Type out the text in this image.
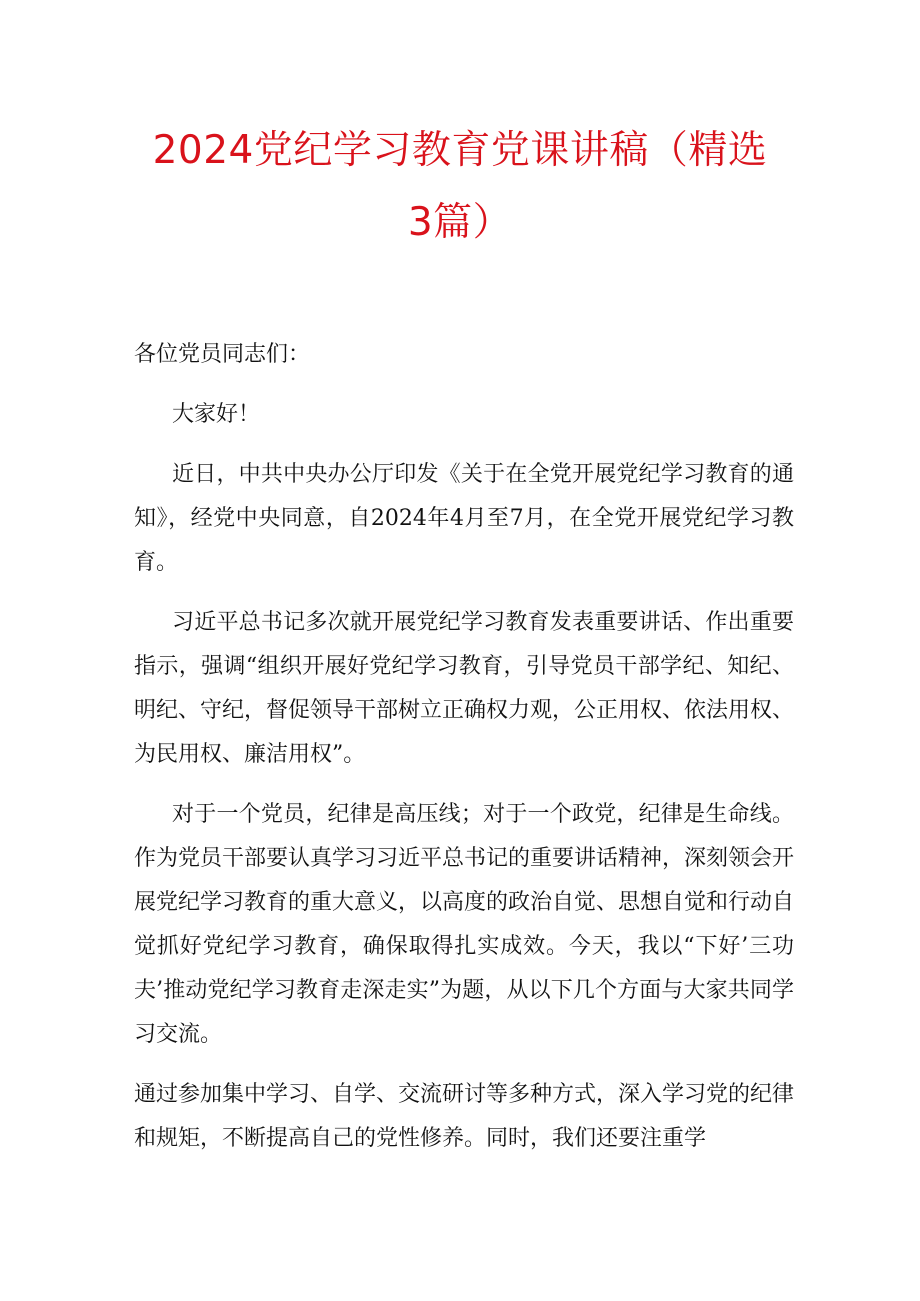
2024党纪学习教育党课讲稿（精选
3篇）

各位党员同志们：

大家好！

近日，中共中央办公厅印发《关于在全党开展党纪学习教育的通知》，经党中央同意，自2024年4月至7月，在全党开展党纪学习教育。

习近平总书记多次就开展党纪学习教育发表重要讲话、作出重要指示，强调“组织开展好党纪学习教育，引导党员干部学纪、知纪、明纪、守纪，督促领导干部树立正确权力观，公正用权、依法用权、为民用权、廉洁用权”。

对于一个党员，纪律是高压线；对于一个政党，纪律是生命线。作为党员干部要认真学习习近平总书记的重要讲话精神，深刻领会开展党纪学习教育的重大意义，以高度的政治自觉、思想自觉和行动自觉抓好党纪学习教育，确保取得扎实成效。今天，我以“下好’三功夫’推动党纪学习教育走深走实”为题，从以下几个方面与大家共同学习交流。

通过参加集中学习、自学、交流研讨等多种方式，深入学习党的纪律和规矩，不断提高自己的党性修养。同时，我们还要注重学
